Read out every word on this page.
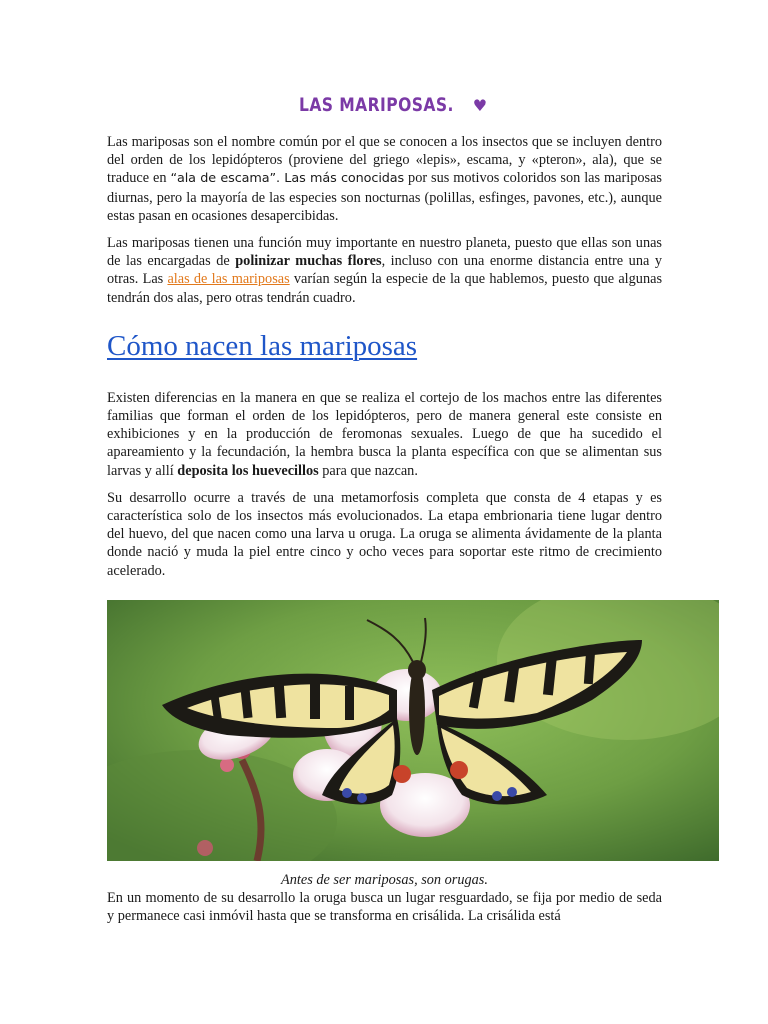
LAS MARIPOSAS. ♥

Las mariposas son el nombre común por el que se conocen a los insectos que se incluyen dentro del orden de los lepidópteros (proviene del griego «lepis», escama, y «pteron», ala), que se traduce en “ala de escama”. Las más conocidas por sus motivos coloridos son las mariposas diurnas, pero la mayoría de las especies son nocturnas (polillas, esfinges, pavones, etc.), aunque estas pasan en ocasiones desapercibidas.

Las mariposas tienen una función muy importante en nuestro planeta, puesto que ellas son unas de las encargadas de polinizar muchas flores, incluso con una enorme distancia entre una y otras. Las alas de las mariposas varían según la especie de la que hablemos, puesto que algunas tendrán dos alas, pero otras tendrán cuadro.

Cómo nacen las mariposas

Existen diferencias en la manera en que se realiza el cortejo de los machos entre las diferentes familias que forman el orden de los lepidópteros, pero de manera general este consiste en exhibiciones y en la producción de feromonas sexuales. Luego de que ha sucedido el apareamiento y la fecundación, la hembra busca la planta específica con que se alimentan sus larvas y allí deposita los huevecillos para que nazcan.

Su desarrollo ocurre a través de una metamorfosis completa que consta de 4 etapas y es característica solo de los insectos más evolucionados. La etapa embrionaria tiene lugar dentro del huevo, del que nacen como una larva u oruga. La oruga se alimenta ávidamente de la planta donde nació y muda la piel entre cinco y ocho veces para soportar este ritmo de crecimiento acelerado.

Antes de ser mariposas, son orugas.

En un momento de su desarrollo la oruga busca un lugar resguardado, se fija por medio de seda y permanece casi inmóvil hasta que se transforma en crisálida. La crisálida está
